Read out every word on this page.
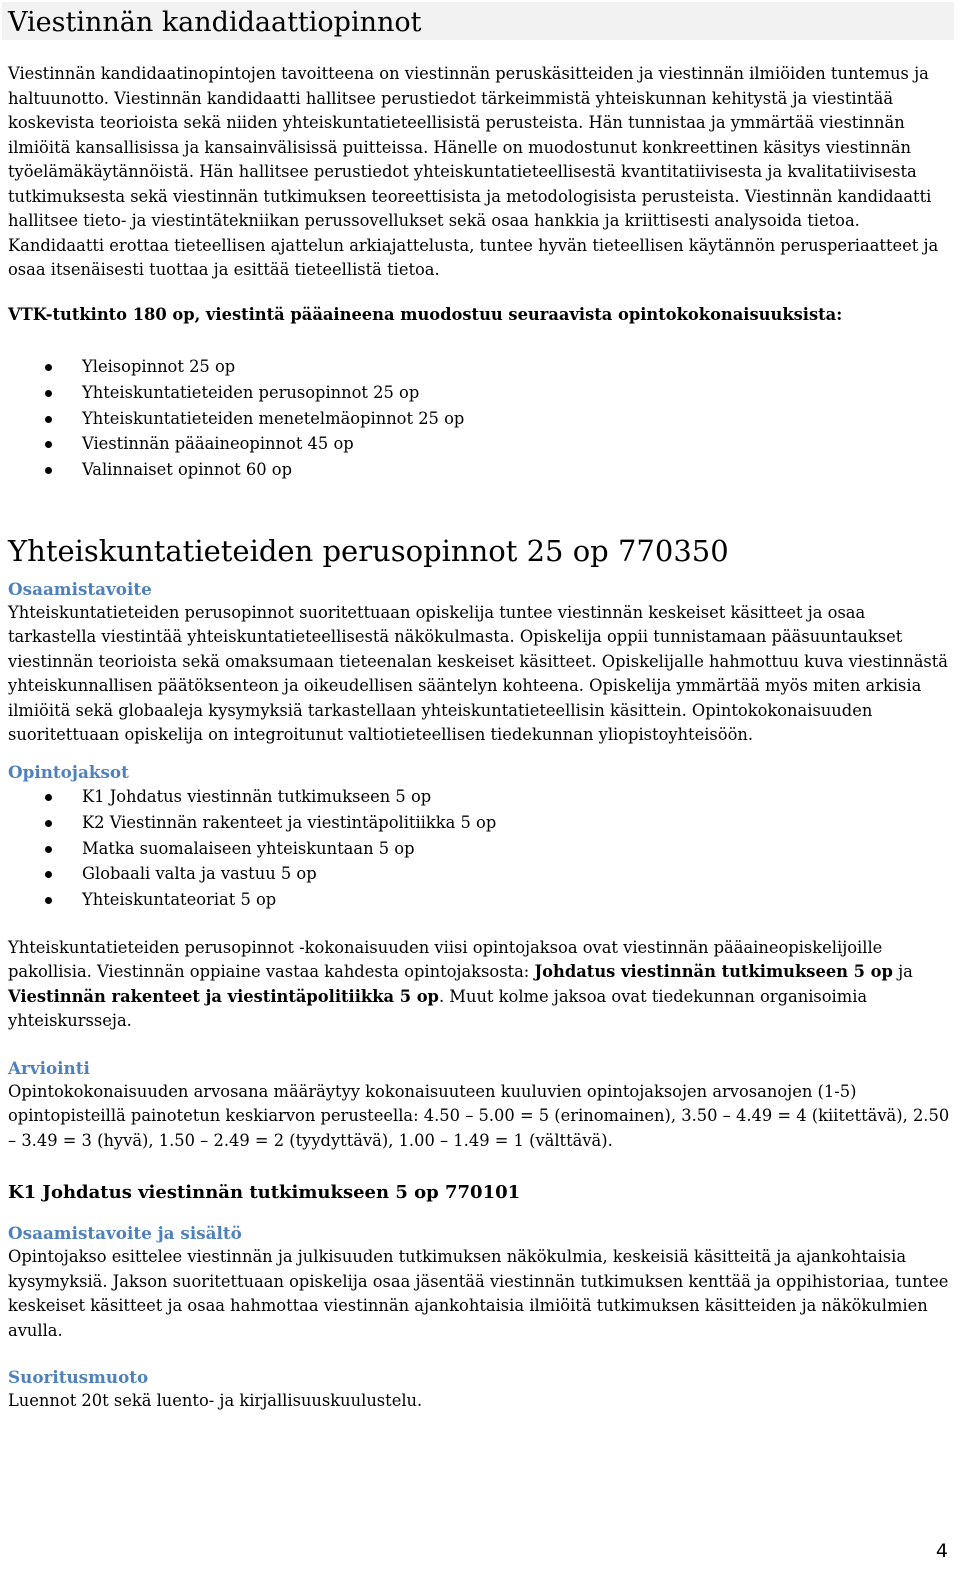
Viestinnän kandidaattiopinnot

Viestinnän kandidaatinopintojen tavoitteena on viestinnän peruskäsitteiden ja viestinnän ilmiöiden tuntemus ja haltuunotto. Viestinnän kandidaatti hallitsee perustiedot tärkeimmistä yhteiskunnan kehitystä ja viestintää koskevista teorioista sekä niiden yhteiskuntatieteellisistä perusteista. Hän tunnistaa ja ymmärtää viestinnän ilmiöitä kansallisissa ja kansainvälisissä puitteissa. Hänelle on muodostunut konkreettinen käsitys viestinnän työelämäkäytännöistä. Hän hallitsee perustiedot yhteiskuntatieteellisestä kvantitatiivisesta ja kvalitatiivisesta tutkimuksesta sekä viestinnän tutkimuksen teoreettisista ja metodologisista perusteista. Viestinnän kandidaatti hallitsee tieto- ja viestintätekniikan perussovellukset sekä osaa hankkia ja kriittisesti analysoida tietoa. Kandidaatti erottaa tieteellisen ajattelun arkiajattelusta, tuntee hyvän tieteellisen käytännön perusperiaatteet ja osaa itsenäisesti tuottaa ja esittää tieteellistä tietoa.

VTK-tutkinto 180 op, viestintä pääaineena muodostuu seuraavista opintokokonaisuuksista:

Yleisopinnot 25 op
Yhteiskuntatieteiden perusopinnot 25 op
Yhteiskuntatieteiden menetelmäopinnot 25 op
Viestinnän pääaineopinnot 45 op
Valinnaiset opinnot 60 op
Yhteiskuntatieteiden perusopinnot 25 op 770350
Osaamistavoite

Yhteiskuntatieteiden perusopinnot suoritettuaan opiskelija tuntee viestinnän keskeiset käsitteet ja osaa tarkastella viestintää yhteiskuntatieteellisestä näkökulmasta. Opiskelija oppii tunnistamaan pääsuuntaukset viestinnän teorioista sekä omaksumaan tieteenalan keskeiset käsitteet. Opiskelijalle hahmottuu kuva viestinnästä yhteiskunnallisen päätöksenteon ja oikeudellisen sääntelyn kohteena. Opiskelija ymmärtää myös miten arkisia ilmiöitä sekä globaaleja kysymyksiä tarkastellaan yhteiskuntatieteellisin käsittein. Opintokokonaisuuden suoritettuaan opiskelija on integroitunut valtiotieteellisen tiedekunnan yliopistoyhteisöön.

Opintojaksot
K1 Johdatus viestinnän tutkimukseen 5 op
K2 Viestinnän rakenteet ja viestintäpolitiikka 5 op
Matka suomalaiseen yhteiskuntaan 5 op
Globaali valta ja vastuu 5 op
Yhteiskuntateoriat 5 op

Yhteiskuntatieteiden perusopinnot -kokonaisuuden viisi opintojaksoa ovat viestinnän pääaineopiskelijoille pakollisia. Viestinnän oppiaine vastaa kahdesta opintojaksosta: Johdatus viestinnän tutkimukseen 5 op ja Viestinnän rakenteet ja viestintäpolitiikka 5 op. Muut kolme jaksoa ovat tiedekunnan organisoimia yhteiskursseja.

Arviointi

Opintokokonaisuuden arvosana määräytyy kokonaisuuteen kuuluvien opintojaksojen arvosanojen (1-5) opintopisteillä painotetun keskiarvon perusteella: 4.50 – 5.00 = 5 (erinomainen), 3.50 – 4.49 = 4 (kiitettävä), 2.50 – 3.49 = 3 (hyvä), 1.50 – 2.49 = 2 (tyydyttävä), 1.00 – 1.49 = 1 (välttävä).

K1 Johdatus viestinnän tutkimukseen 5 op 770101
Osaamistavoite ja sisältö

Opintojakso esittelee viestinnän ja julkisuuden tutkimuksen näkökulmia, keskeisiä käsitteitä ja ajankohtaisia kysymyksiä. Jakson suoritettuaan opiskelija osaa jäsentää viestinnän tutkimuksen kenttää ja oppihistoriaa, tuntee keskeiset käsitteet ja osaa hahmottaa viestinnän ajankohtaisia ilmiöitä tutkimuksen käsitteiden ja näkökulmien avulla.

Suoritusmuoto

Luennot 20t sekä luento- ja kirjallisuuskuulustelu.

4
